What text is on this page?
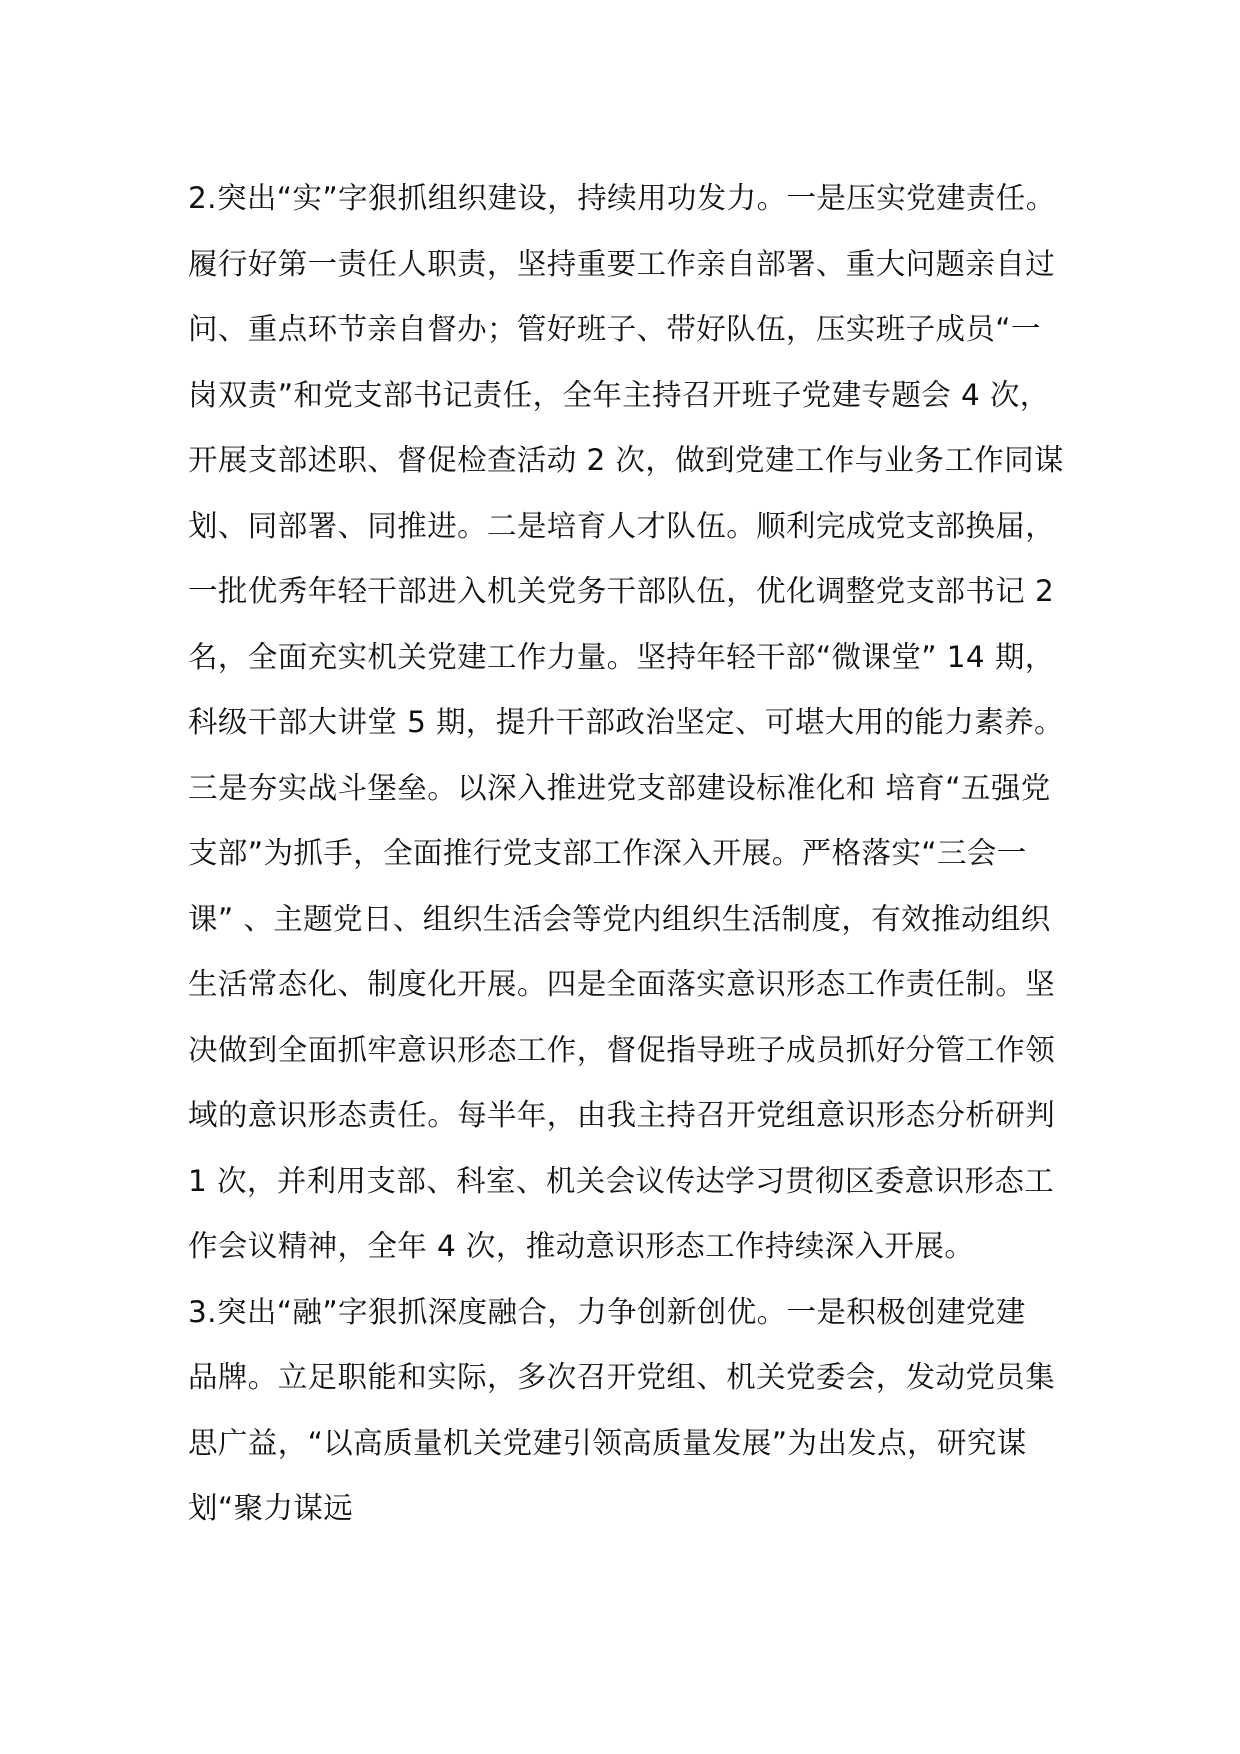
2.突出“实”字狠抓组织建设，持续用功发力。一是压实党建责任。
履行好第一责任人职责，坚持重要工作亲自部署、重大问题亲自过
问、重点环节亲自督办；管好班子、带好队伍，压实班子成员“一
岗双责”和党支部书记责任，全年主持召开班子党建专题会 4 次，
开展支部述职、督促检查活动 2 次，做到党建工作与业务工作同谋
划、同部署、同推进。二是培育人才队伍。顺利完成党支部换届，
一批优秀年轻干部进入机关党务干部队伍，优化调整党支部书记 2
名，全面充实机关党建工作力量。坚持年轻干部“微课堂” 14 期，
科级干部大讲堂 5 期，提升干部政治坚定、可堪大用的能力素养。
三是夯实战斗堡垒。以深入推进党支部建设标准化和 培育“五强党
支部”为抓手，全面推行党支部工作深入开展。严格落实“三会一
课” 、主题党日、组织生活会等党内组织生活制度，有效推动组织
生活常态化、制度化开展。四是全面落实意识形态工作责任制。坚
决做到全面抓牢意识形态工作，督促指导班子成员抓好分管工作领
域的意识形态责任。每半年，由我主持召开党组意识形态分析研判
1 次，并利用支部、科室、机关会议传达学习贯彻区委意识形态工
作会议精神，全年 4 次，推动意识形态工作持续深入开展。
3.突出“融”字狠抓深度融合，力争创新创优。一是积极创建党建
品牌。立足职能和实际，多次召开党组、机关党委会，发动党员集
思广益，“以高质量机关党建引领高质量发展”为出发点，研究谋
划“聚力谋远
